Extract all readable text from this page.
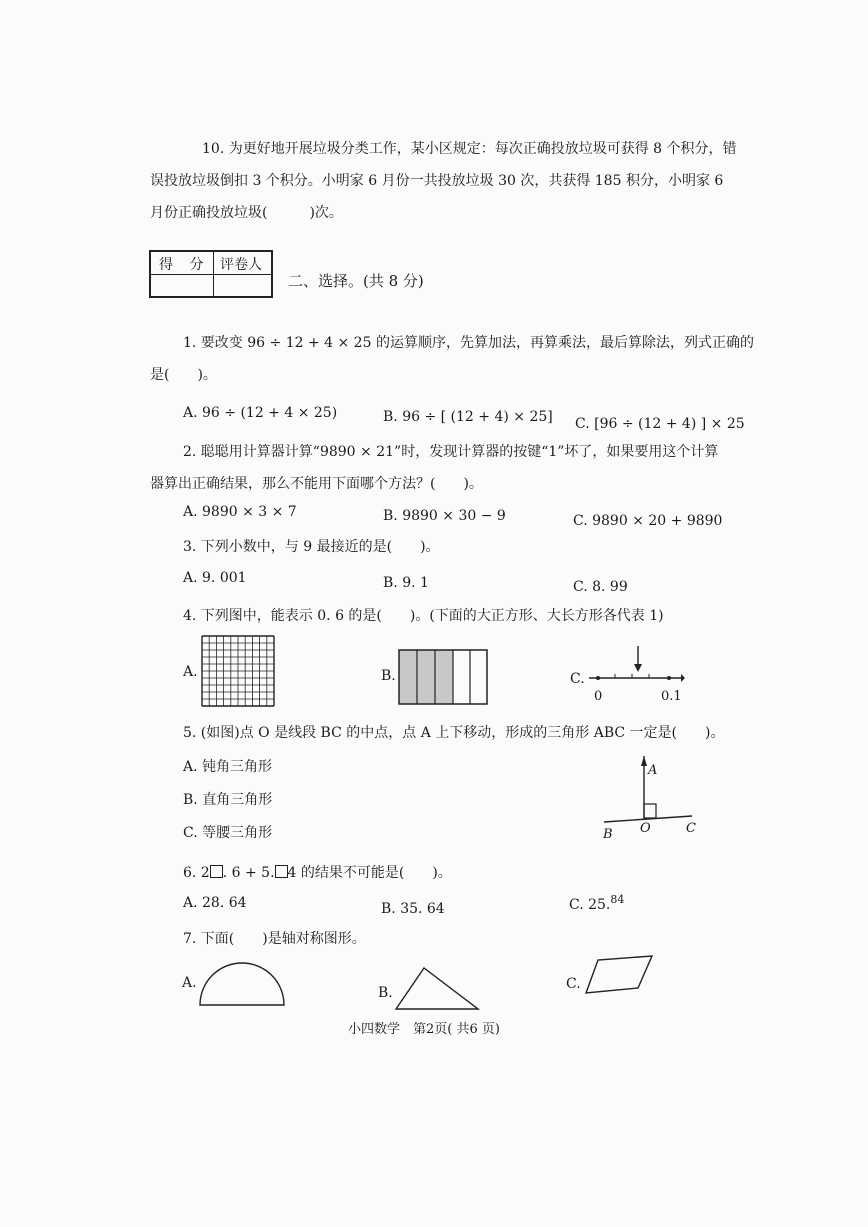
10. 为更好地开展垃圾分类工作，某小区规定：每次正确投放垃圾可获得 8 个积分，错
误投放垃圾倒扣 3 个积分。小明家 6 月份一共投放垃圾 30 次，共获得 185 积分，小明家 6
月份正确投放垃圾(　　　)次。
得 分 评卷人
二、选择。(共 8 分)
1. 要改变 96 ÷ 12 + 4 × 25 的运算顺序，先算加法，再算乘法，最后算除法，列式正确的
是(　　)。
A. 96 ÷ (12 + 4 × 25)	B. 96 ÷ [ (12 + 4) × 25] C. [96 ÷ (12 + 4) ] × 25
2. 聪聪用计算器计算“9890 × 21”时，发现计算器的按键“1”坏了，如果要用这个计算
器算出正确结果，那么不能用下面哪个方法？(　　)。
A. 9890 × 3 × 7	B. 9890 × 30 − 9	C. 9890 × 20 + 9890
3. 下列小数中，与 9 最接近的是(　　)。
A. 9. 001	B. 9. 1	C. 8. 99
4. 下列图中，能表示 0. 6 的是(　　)。(下面的大正方形、大长方形各代表 1)
A.	B.	C.
0	0.1
5. (如图)点 O 是线段 BC 的中点，点 A 上下移动，形成的三角形 ABC 一定是(　　)。
A. 钝角三角形
B. 直角三角形
C. 等腰三角形
A
B O	C
6. 2 . 6 + 5. 4 的结果不可能是(　　)。
A. 28. 64	B. 35. 64	C. 25.84
7. 下面(　　)是轴对称图形。
A.
B.
C.
小四数学　第2页( 共6 页)
